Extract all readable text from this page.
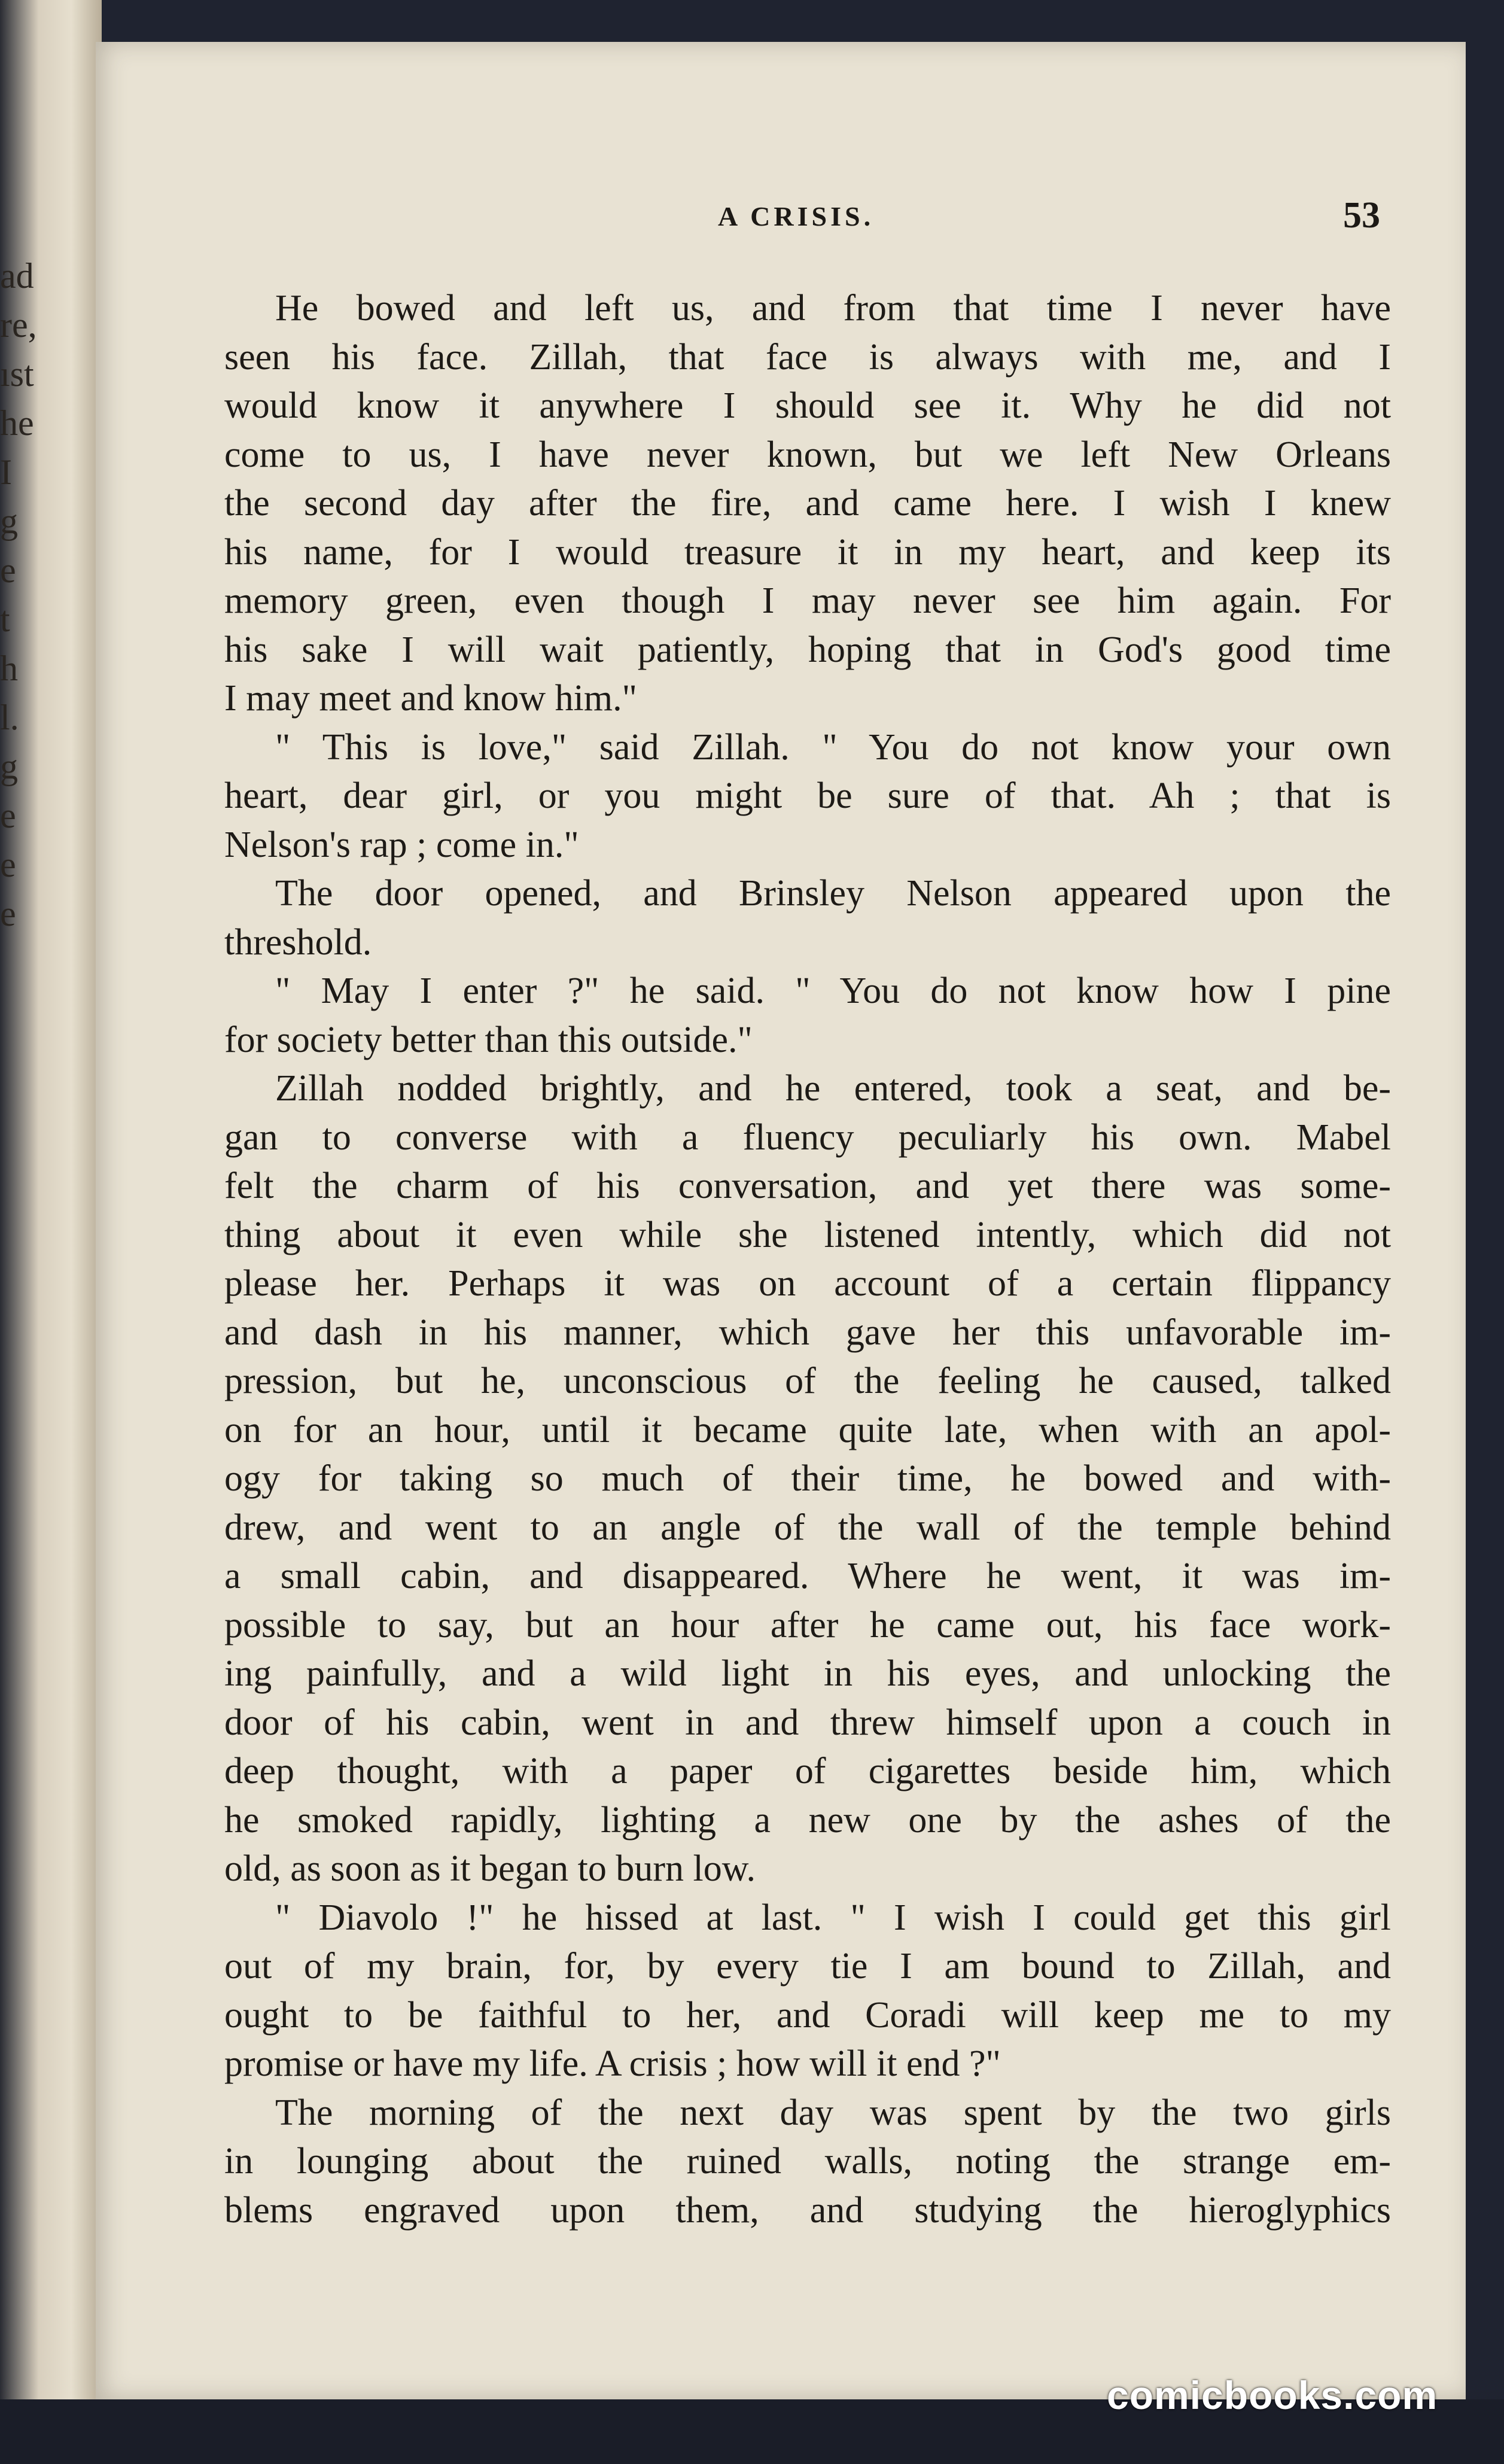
ad
re,
ıst
he
I
g
e
t
h
l.
g
e
e
e
A CRISIS.	53
He bowed and left us, and from that time I never have
seen his face. Zillah, that face is always with me, and I
would know it anywhere I should see it. Why he did not
come to us, I have never known, but we left New Orleans
the second day after the fire, and came here. I wish I knew
his name, for I would treasure it in my heart, and keep its
memory green, even though I may never see him again. For
his sake I will wait patiently, hoping that in God's good time
I may meet and know him."
" This is love," said Zillah. " You do not know your own
heart, dear girl, or you might be sure of that. Ah ; that is
Nelson's rap ; come in."
The door opened, and Brinsley Nelson appeared upon the
threshold.
" May I enter ?" he said. " You do not know how I pine
for society better than this outside."
Zillah nodded brightly, and he entered, took a seat, and be-
gan to converse with a fluency peculiarly his own. Mabel
felt the charm of his conversation, and yet there was some-
thing about it even while she listened intently, which did not
please her. Perhaps it was on account of a certain flippancy
and dash in his manner, which gave her this unfavorable im-
pression, but he, unconscious of the feeling he caused, talked
on for an hour, until it became quite late, when with an apol-
ogy for taking so much of their time, he bowed and with-
drew, and went to an angle of the wall of the temple behind
a small cabin, and disappeared. Where he went, it was im-
possible to say, but an hour after he came out, his face work-
ing painfully, and a wild light in his eyes, and unlocking the
door of his cabin, went in and threw himself upon a couch in
deep thought, with a paper of cigarettes beside him, which
he smoked rapidly, lighting a new one by the ashes of the
old, as soon as it began to burn low.
" Diavolo !" he hissed at last. " I wish I could get this girl
out of my brain, for, by every tie I am bound to Zillah, and
ought to be faithful to her, and Coradi will keep me to my
promise or have my life. A crisis ; how will it end ?"
The morning of the next day was spent by the two girls
in lounging about the ruined walls, noting the strange em-
blems engraved upon them, and studying the hieroglyphics
comicbooks.com
